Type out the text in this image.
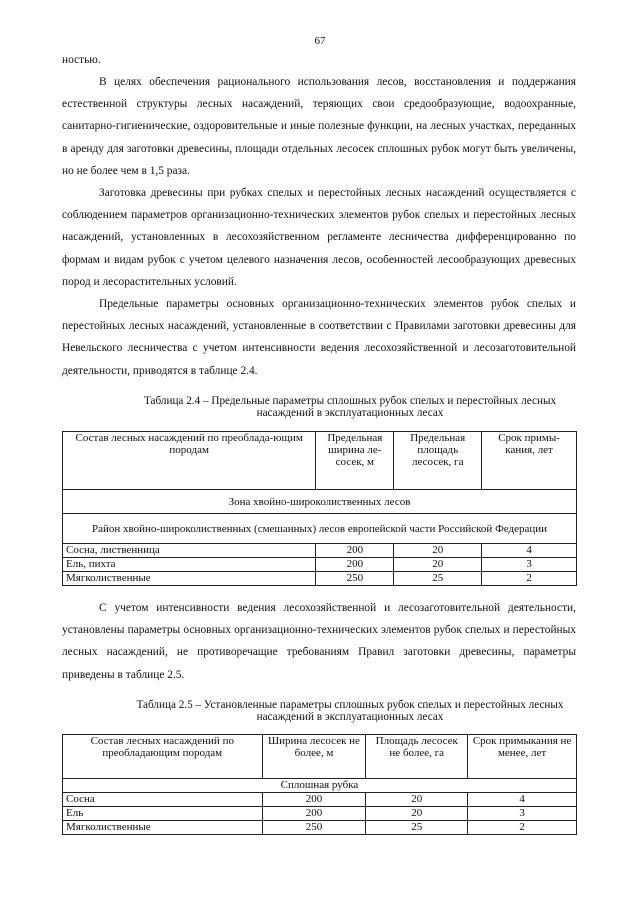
67

ностью.

В целях обеспечения рационального использования лесов, восстановления и поддержания естественной структуры лесных насаждений, теряющих свои средообразующие, водоохранные, санитарно-гигиенические, оздоровительные и иные полезные функции, на лесных участках, переданных в аренду для заготовки древесины, площади отдельных лесосек сплошных рубок могут быть увеличены, но не более чем в 1,5 раза.

Заготовка древесины при рубках спелых и перестойных лесных насаждений осуществляется с соблюдением параметров организационно-технических элементов рубок спелых и перестойных лесных насаждений, установленных в лесохозяйственном регламенте лесничества дифференцированно по формам и видам рубок с учетом целевого назначения лесов, особенностей лесообразующих древесных пород и лесорастительных условий.

Предельные параметры основных организационно-технических элементов рубок спелых и перестойных лесных насаждений, установленные в соответствии с Правилами заготовки древесины для Невельского лесничества с учетом интенсивности ведения лесохозяйственной и лесозаготовительной деятельности, приводятся в таблице 2.4.

Таблица 2.4 – Предельные параметры сплошных рубок спелых и перестойных лесных насаждений в эксплуатационных лесах
Состав лесных насаждений по преоблада-ющим породам	Предельная ширина ле-сосек, м	Предельная площадь лесосек, га	Срок примы-кания, лет
Зона хвойно-широколиственных лесов			
Район хвойно-широколиственных (смешанных) лесов европейской части Российской Федерации			
Сосна, лиственница	200	20	4
Ель, пихта	200	20	3
Мягколиственные	250	25	2

С учетом интенсивности ведения лесохозяйственной и лесозаготовительной деятельности, установлены параметры основных организационно-технических элементов рубок спелых и перестойных лесных насаждений, не противоречащие требованиям Правил заготовки древесины, параметры приведены в таблице 2.5.

Таблица 2.5 – Установленные параметры сплошных рубок спелых и перестойных лесных насаждений в эксплуатационных лесах
Состав лесных насаждений по преобладающим породам	Ширина лесосек не более, м	Площадь лесосек не более, га	Срок примыкания не менее, лет
Сплошная рубка			
Сосна	200	20	4
Ель	200	20	3
Мягколиственные	250	25	2
